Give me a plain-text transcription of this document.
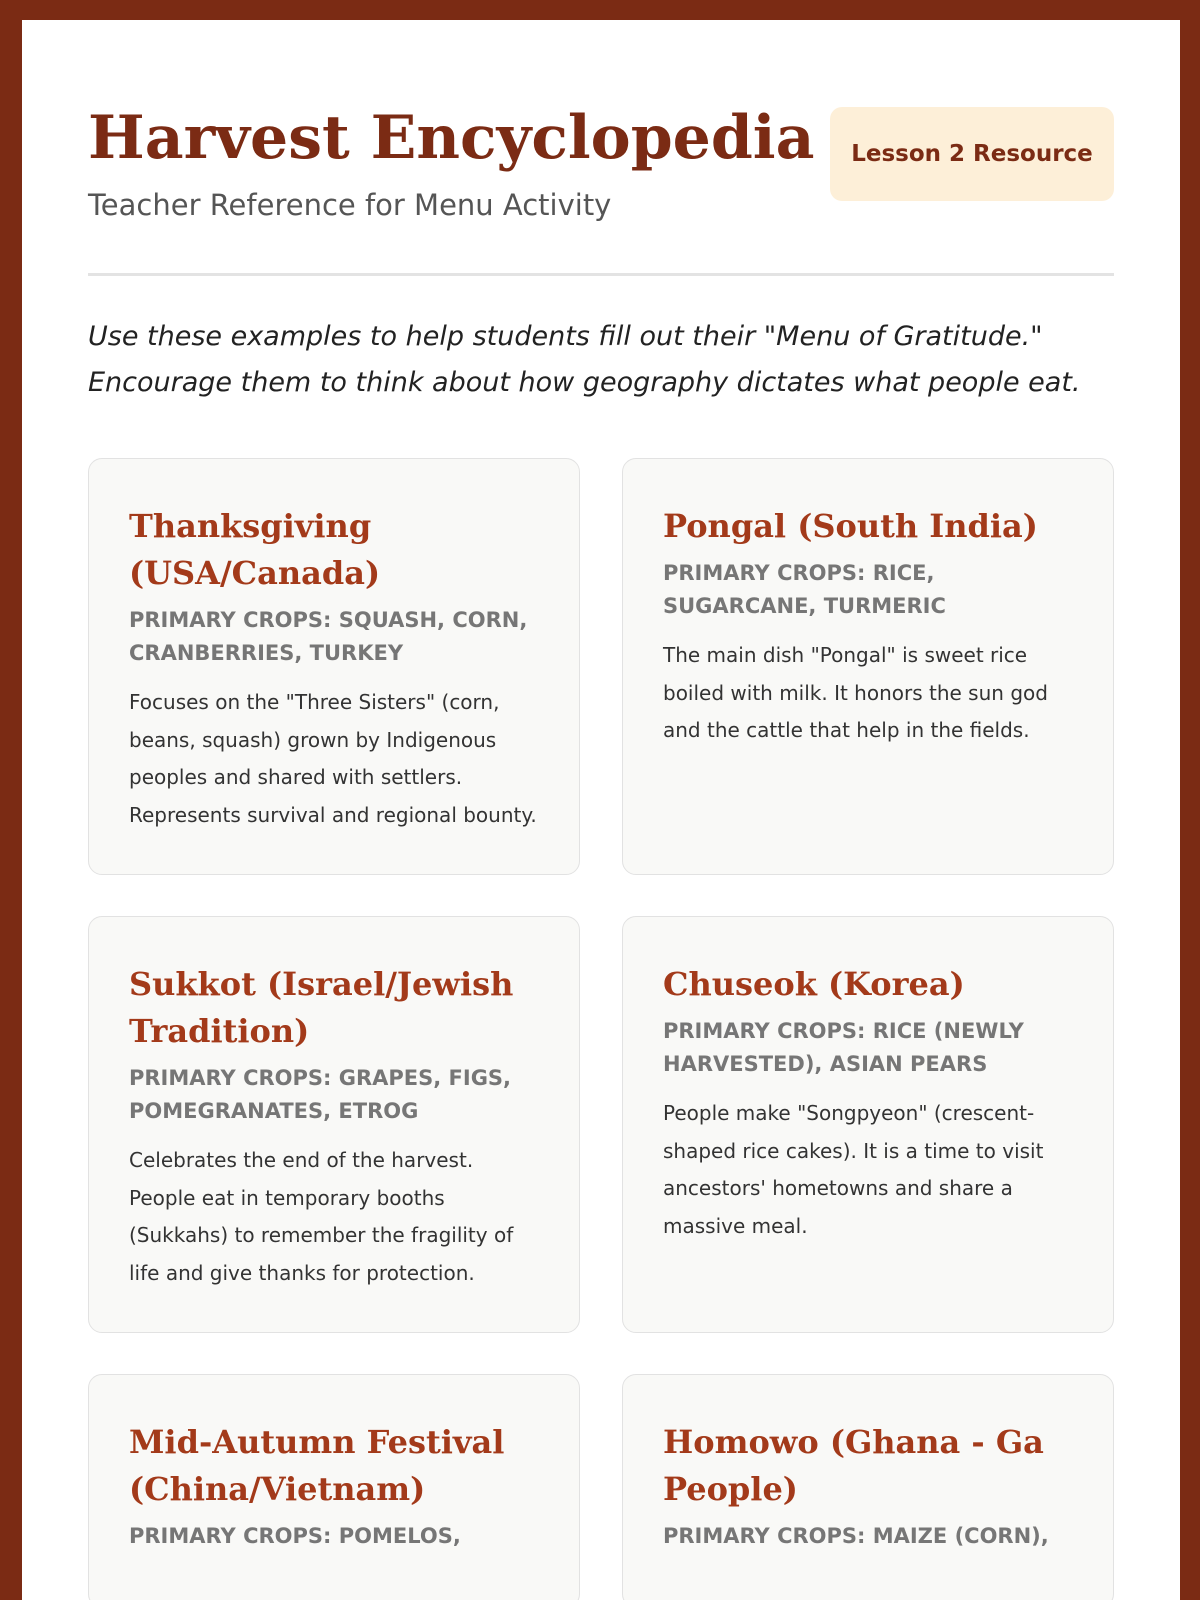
Harvest Encyclopedia
Teacher Reference for Menu Activity
Lesson 2 Resource

Use these examples to help students fill out their "Menu of Gratitude." Encourage them to think about how geography dictates what people eat.

Thanksgiving (USA/Canada)
PRIMARY CROPS: SQUASH, CORN, CRANBERRIES, TURKEY

Focuses on the "Three Sisters" (corn, beans, squash) grown by Indigenous peoples and shared with settlers. Represents survival and regional bounty.

Pongal (South India)
PRIMARY CROPS: RICE, SUGARCANE, TURMERIC

The main dish "Pongal" is sweet rice boiled with milk. It honors the sun god and the cattle that help in the fields.

Sukkot (Israel/Jewish Tradition)
PRIMARY CROPS: GRAPES, FIGS, POMEGRANATES, ETROG

Celebrates the end of the harvest. People eat in temporary booths (Sukkahs) to remember the fragility of life and give thanks for protection.

Chuseok (Korea)
PRIMARY CROPS: RICE (NEWLY HARVESTED), ASIAN PEARS

People make "Songpyeon" (crescent-shaped rice cakes). It is a time to visit ancestors' hometowns and share a massive meal.

Mid-Autumn Festival (China/Vietnam)
PRIMARY CROPS: POMELOS,

Homowo (Ghana - Ga People)
PRIMARY CROPS: MAIZE (CORN),
